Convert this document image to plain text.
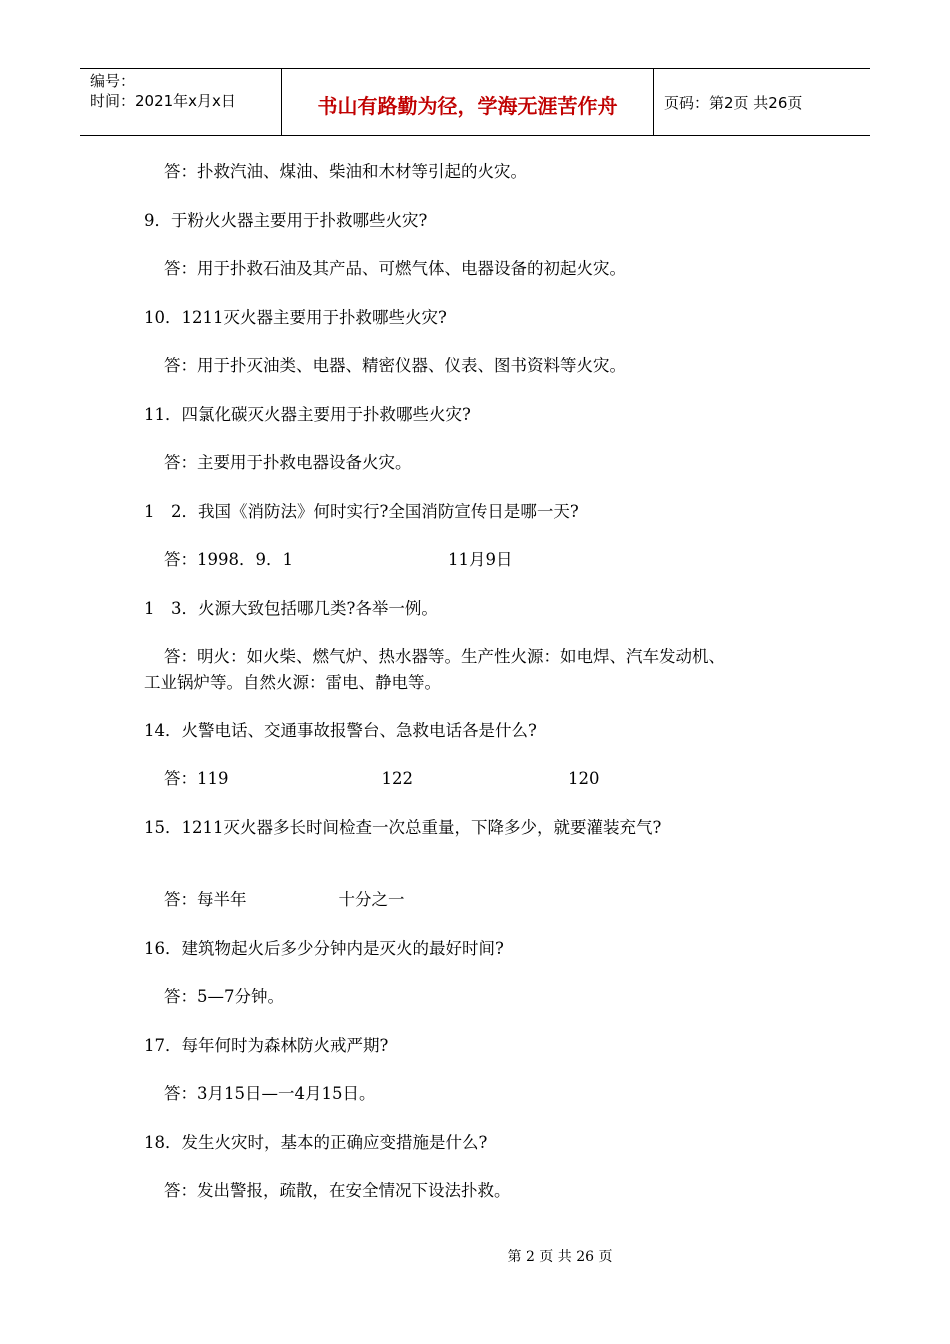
编号：
时间：2021年x月x日	书山有路勤为径，学海无涯苦作舟	页码：第2页 共26页
答：扑救汽油、煤油、柴油和木材等引起的火灾。
9．于粉火火器主要用于扑救哪些火灾?
答：用于扑救石油及其产品、可燃气体、电器设备的初起火灾。
10．1211灭火器主要用于扑救哪些火灾?
答：用于扑灭油类、电器、精密仪器、仪表、图书资料等火灾。
11．四氯化碳灭火器主要用于扑救哪些火灾?
答：主要用于扑救电器设备火灾。
1　2．我国《消防法》何时实行?全国消防宣传日是哪一天?
答：1998．9．1	11月9日
1　3．火源大致包括哪几类?各举一例。
答：明火：如火柴、燃气炉、热水器等。生产性火源：如电焊、汽车发动机、
工业锅炉等。自然火源：雷电、静电等。
14．火警电话、交通事故报警台、急救电话各是什么?
答：119	122	120
15．1211灭火器多长时间检查一次总重量，下降多少，就要灌装充气?
答：每半年	十分之一
16．建筑物起火后多少分钟内是灭火的最好时间?
答：5—7分钟。
17．每年何时为森林防火戒严期?
答：3月15日—一4月15日。
18．发生火灾时，基本的正确应变措施是什么?
答：发出警报，疏散，在安全情况下设法扑救。
第 2 页 共 26 页
